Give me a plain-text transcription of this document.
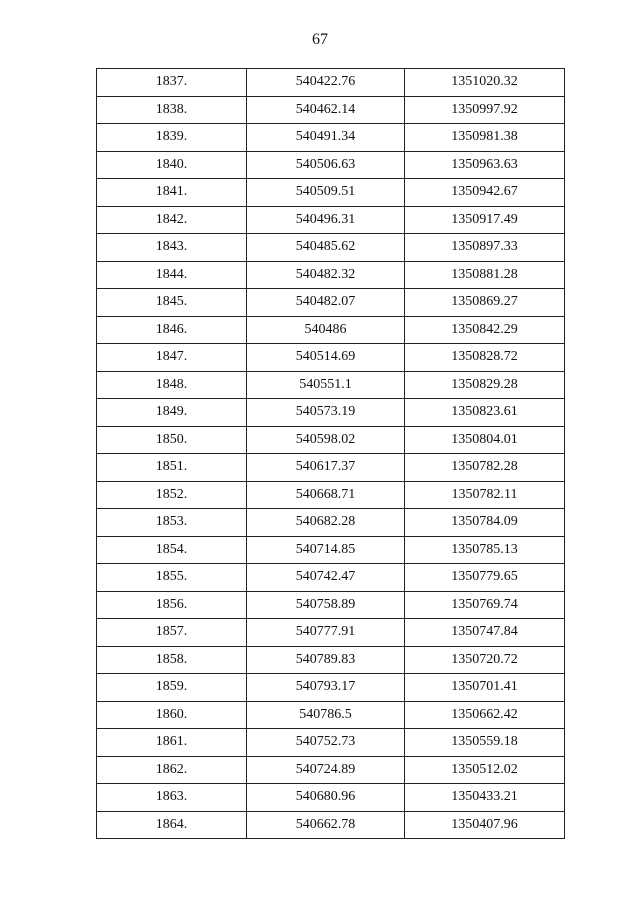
67
1837.	540422.76	1351020.32
1838.	540462.14	1350997.92
1839.	540491.34	1350981.38
1840.	540506.63	1350963.63
1841.	540509.51	1350942.67
1842.	540496.31	1350917.49
1843.	540485.62	1350897.33
1844.	540482.32	1350881.28
1845.	540482.07	1350869.27
1846.	540486	1350842.29
1847.	540514.69	1350828.72
1848.	540551.1	1350829.28
1849.	540573.19	1350823.61
1850.	540598.02	1350804.01
1851.	540617.37	1350782.28
1852.	540668.71	1350782.11
1853.	540682.28	1350784.09
1854.	540714.85	1350785.13
1855.	540742.47	1350779.65
1856.	540758.89	1350769.74
1857.	540777.91	1350747.84
1858.	540789.83	1350720.72
1859.	540793.17	1350701.41
1860.	540786.5	1350662.42
1861.	540752.73	1350559.18
1862.	540724.89	1350512.02
1863.	540680.96	1350433.21
1864.	540662.78	1350407.96
